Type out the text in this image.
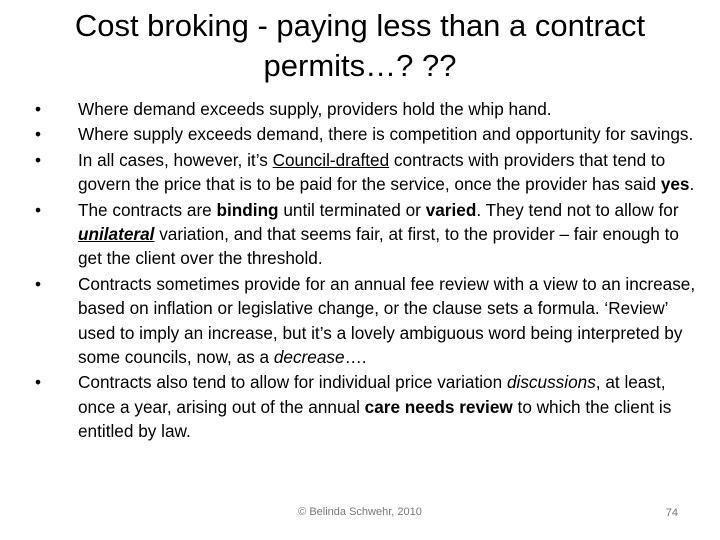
Cost broking - paying less than a contract
permits…? ??
•	Where demand exceeds supply, providers hold the whip hand.
•	Where supply exceeds demand, there is competition and opportunity for savings.
•	In all cases, however, it’s Council-drafted contracts with providers that tend to govern the price that is to be paid for the service, once the provider has said yes.
•	The contracts are binding until terminated or varied. They tend not to allow for unilateral variation, and that seems fair, at first, to the provider – fair enough to get the client over the threshold.
•	Contracts sometimes provide for an annual fee review with a view to an increase, based on inflation or legislative change, or the clause sets a formula. ‘Review’ used to imply an increase, but it’s a lovely ambiguous word being interpreted by some councils, now, as a decrease….
•	Contracts also tend to allow for individual price variation discussions, at least, once a year, arising out of the annual care needs review to which the client is entitled by law.
© Belinda Schwehr, 2010	74
